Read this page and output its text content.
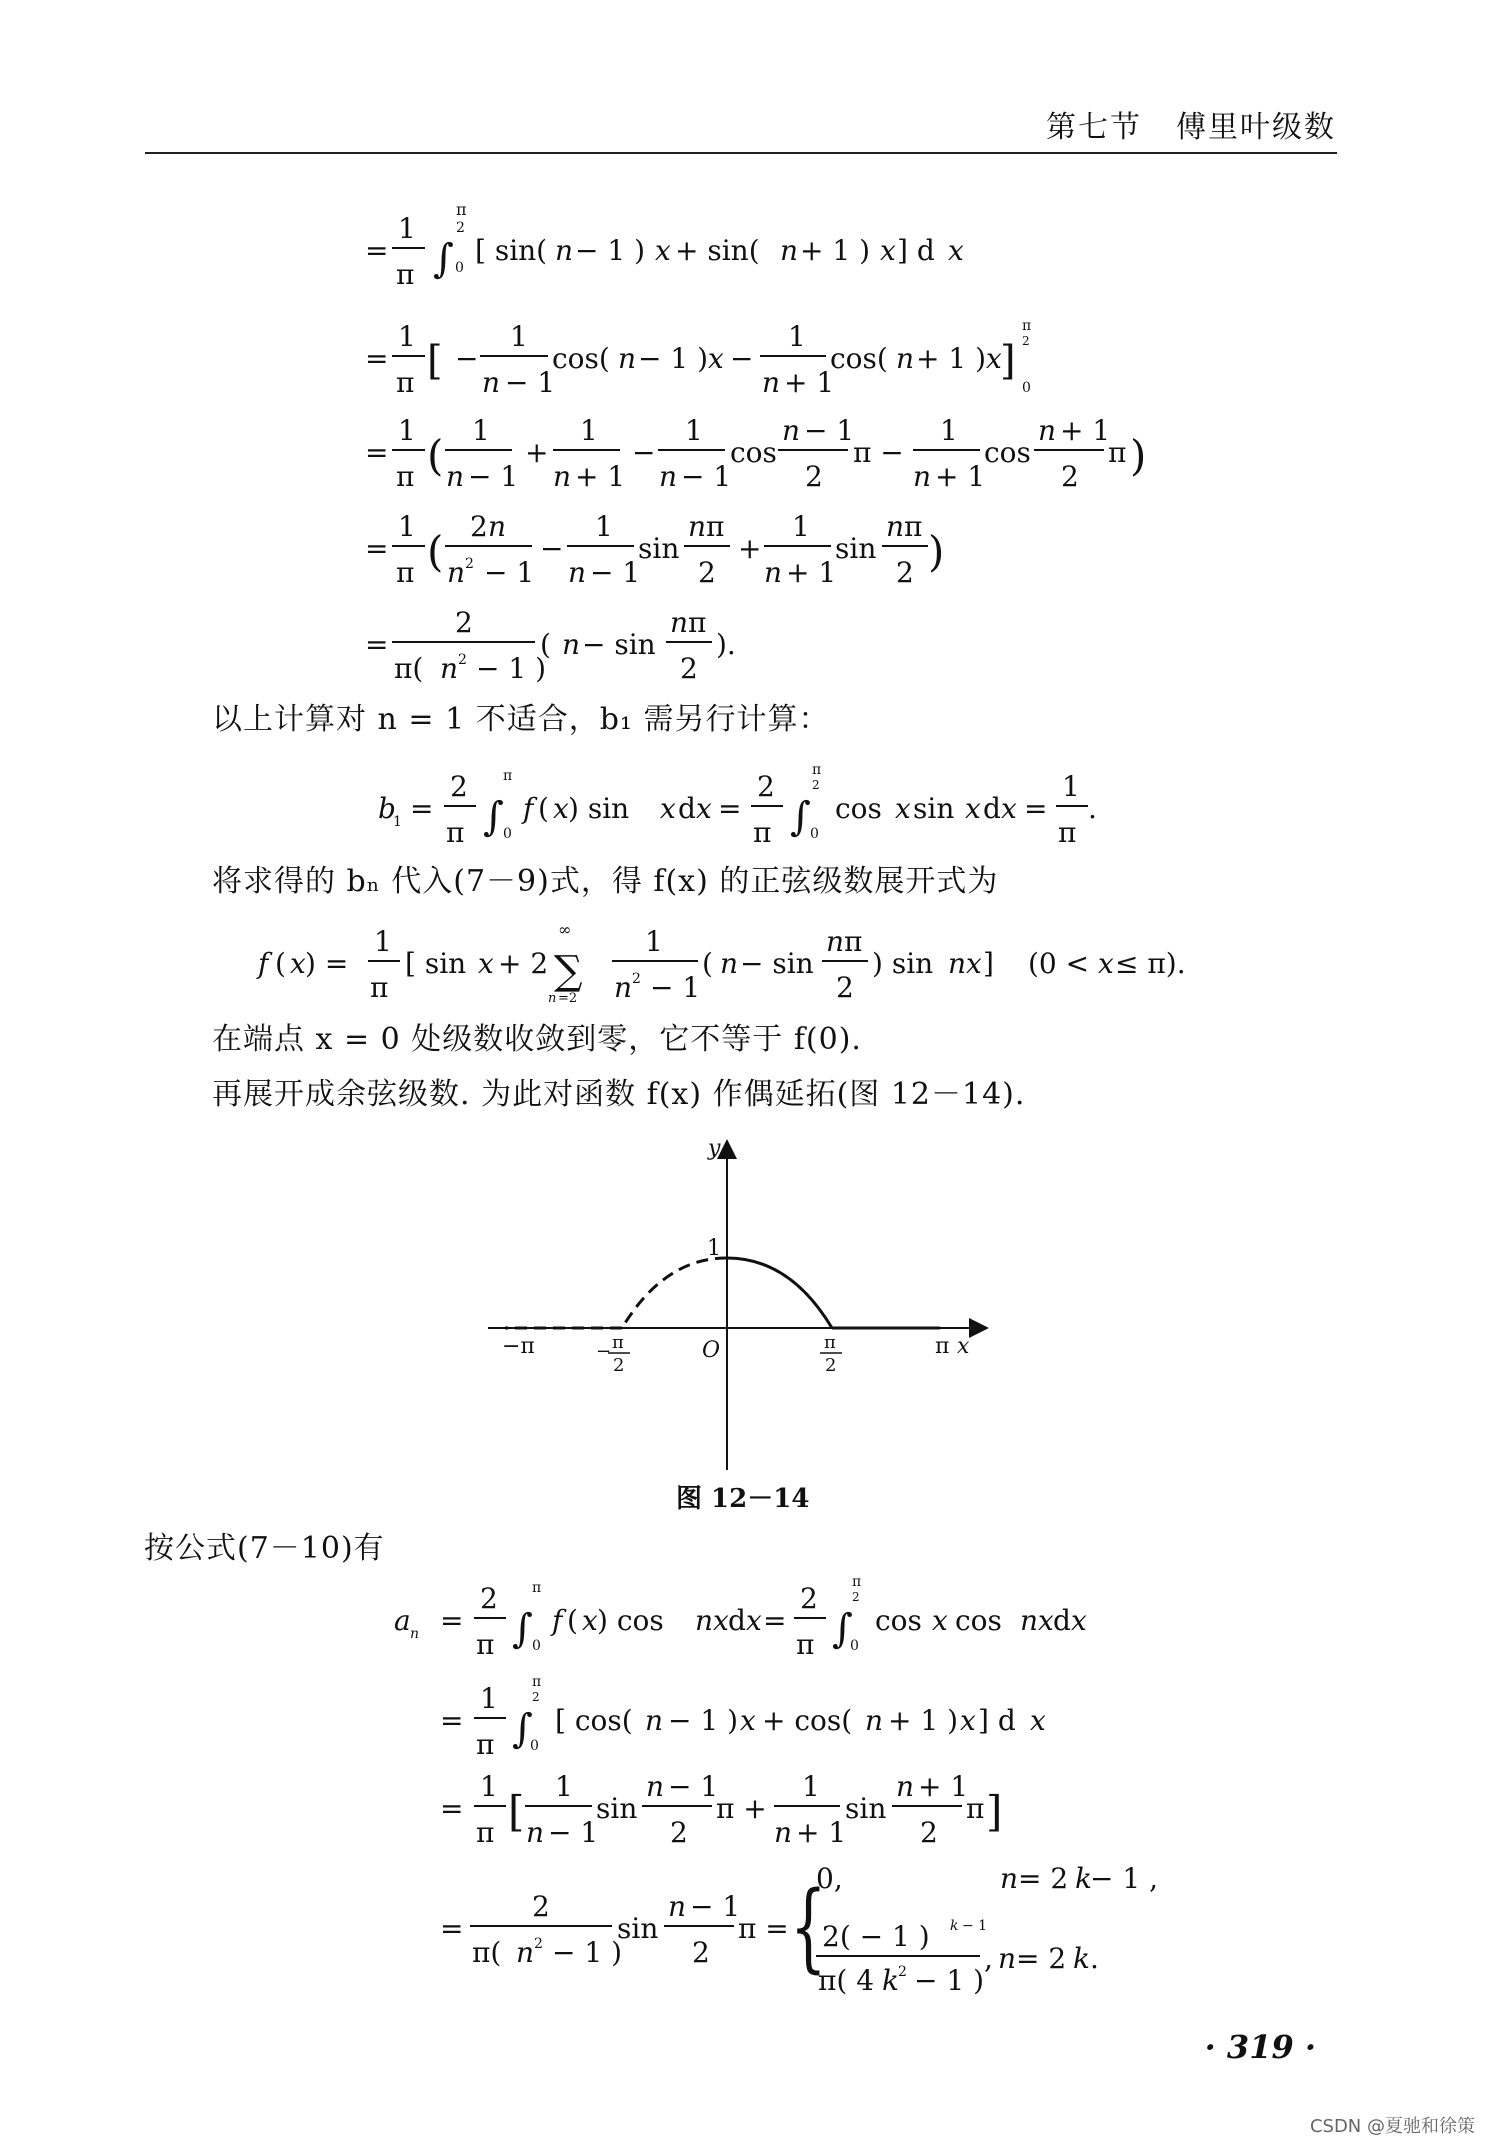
第七节 傅里叶级数
=
1
π ∫
π
2
0
[ sin( n − 1 ) x + sin( n + 1 ) x ] d x
=
1
π [ −
1
n − 1
cos( n − 1 ) x −
1
n + 1
cos( n + 1 ) x
]
π
2
0
=
1
π (
1
n − 1
+
1
n + 1
−
1
n − 1
cos
n − 1
2
π −
1
n + 1
cos
n + 1
2
π )
=
1
π (
2 n
n 2 − 1
−
1
n − 1
sin
n π
2
+
1
n + 1
sin
n π
2 )
=
2
π( n 2 − 1 )
( n − sin
n π
2
).
以上计算对 n = 1 不适合，b₁ 需另行计算：
b
1 =
2
π ∫
π
0
f ( x ) sin x d x =
2
π ∫
π
2
0
cos x sin x d x =
1
π
.
f ( x ) =
1
π
[ sin x + 2
∞
∑
n =2
1
n 2 − 1
( n − sin
n π
2
) sin nx ] (0 < x ≤ π).
将求得的 bₙ 代入(7－9)式，得 f(x) 的正弦级数展开式为
在端点 x = 0 处级数收敛到零，它不等于 f(0).
再展开成余弦级数. 为此对函数 f(x) 作偶延拓(图 12－14).
y
1
O
−π	π x
π
2
− π
2
图 12－14
按公式(7－10)有
a n =
2
π ∫
π
0
f ( x ) cos nx d x =
2
π ∫
π
2
0
cos x cos nx d x
=
1
π ∫
π
2
0
[ cos( n − 1 ) x + cos( n + 1 ) x ] d x
=
1
π [
1
n − 1
sin
n − 1
2
π +
1
n + 1
sin
n + 1
2
π ]
=
2
π( n 2 − 1 )
sin
n − 1
2
π = {
0,	n = 2 k
− 1 ,
2( − 1 ) k − 1
π( 4 k 2 − 1 )
, n = 2 k .
· 319 ·
CSDN @夏驰和徐策
